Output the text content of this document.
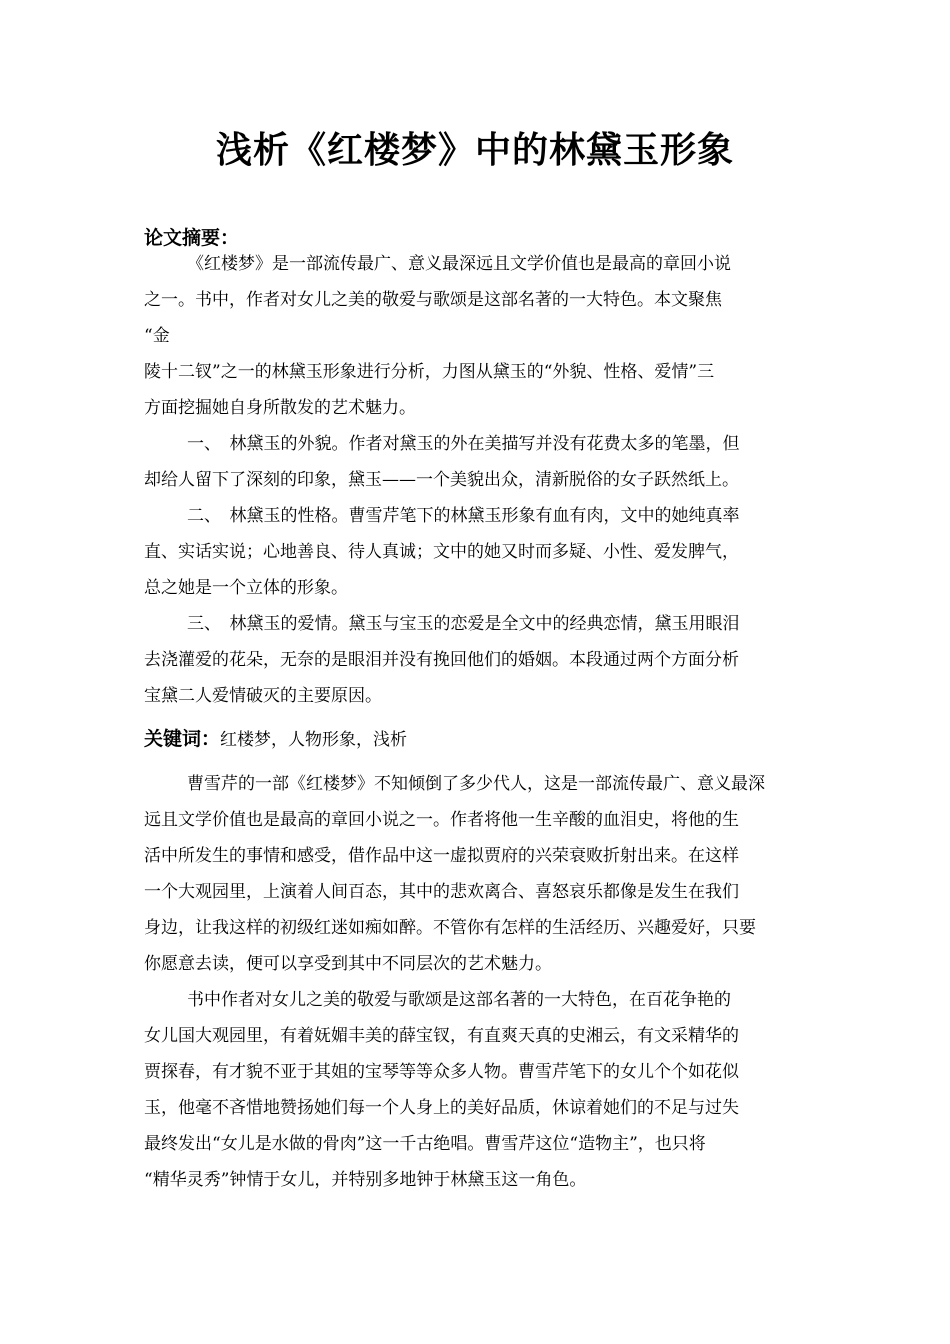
浅析《红楼梦》中的林黛玉形象
论文摘要：
《红楼梦》是一部流传最广、意义最深远且文学价值也是最高的章回小说
之一。书中，作者对女儿之美的敬爱与歌颂是这部名著的一大特色。本文聚焦
“金
陵十二钗”之一的林黛玉形象进行分析，力图从黛玉的“外貌、性格、爱情”三
方面挖掘她自身所散发的艺术魅力。
一、　林黛玉的外貌。作者对黛玉的外在美描写并没有花费太多的笔墨，但
却给人留下了深刻的印象，黛玉——一个美貌出众，清新脱俗的女子跃然纸上。
二、　林黛玉的性格。曹雪芹笔下的林黛玉形象有血有肉，文中的她纯真率
直、实话实说；心地善良、待人真诚；文中的她又时而多疑、小性、爱发脾气，
总之她是一个立体的形象。
三、　林黛玉的爱情。黛玉与宝玉的恋爱是全文中的经典恋情，黛玉用眼泪
去浇灌爱的花朵，无奈的是眼泪并没有挽回他们的婚姻。本段通过两个方面分析
宝黛二人爱情破灭的主要原因。
关键词：红楼梦，人物形象，浅析
曹雪芹的一部《红楼梦》不知倾倒了多少代人，这是一部流传最广、意义最深
远且文学价值也是最高的章回小说之一。作者将他一生辛酸的血泪史，将他的生
活中所发生的事情和感受，借作品中这一虚拟贾府的兴荣衰败折射出来。在这样
一个大观园里，上演着人间百态，其中的悲欢离合、喜怒哀乐都像是发生在我们
身边，让我这样的初级红迷如痴如醉。不管你有怎样的生活经历、兴趣爱好，只要
你愿意去读，便可以享受到其中不同层次的艺术魅力。
书中作者对女儿之美的敬爱与歌颂是这部名著的一大特色，在百花争艳的
女儿国大观园里，有着妩媚丰美的薛宝钗，有直爽天真的史湘云，有文采精华的
贾探春，有才貌不亚于其姐的宝琴等等众多人物。曹雪芹笔下的女儿个个如花似
玉，他毫不吝惜地赞扬她们每一个人身上的美好品质，休谅着她们的不足与过失
最终发出“女儿是水做的骨肉”这一千古绝唱。曹雪芹这位“造物主”，也只将
“精华灵秀”钟情于女儿，并特别多地钟于林黛玉这一角色。
